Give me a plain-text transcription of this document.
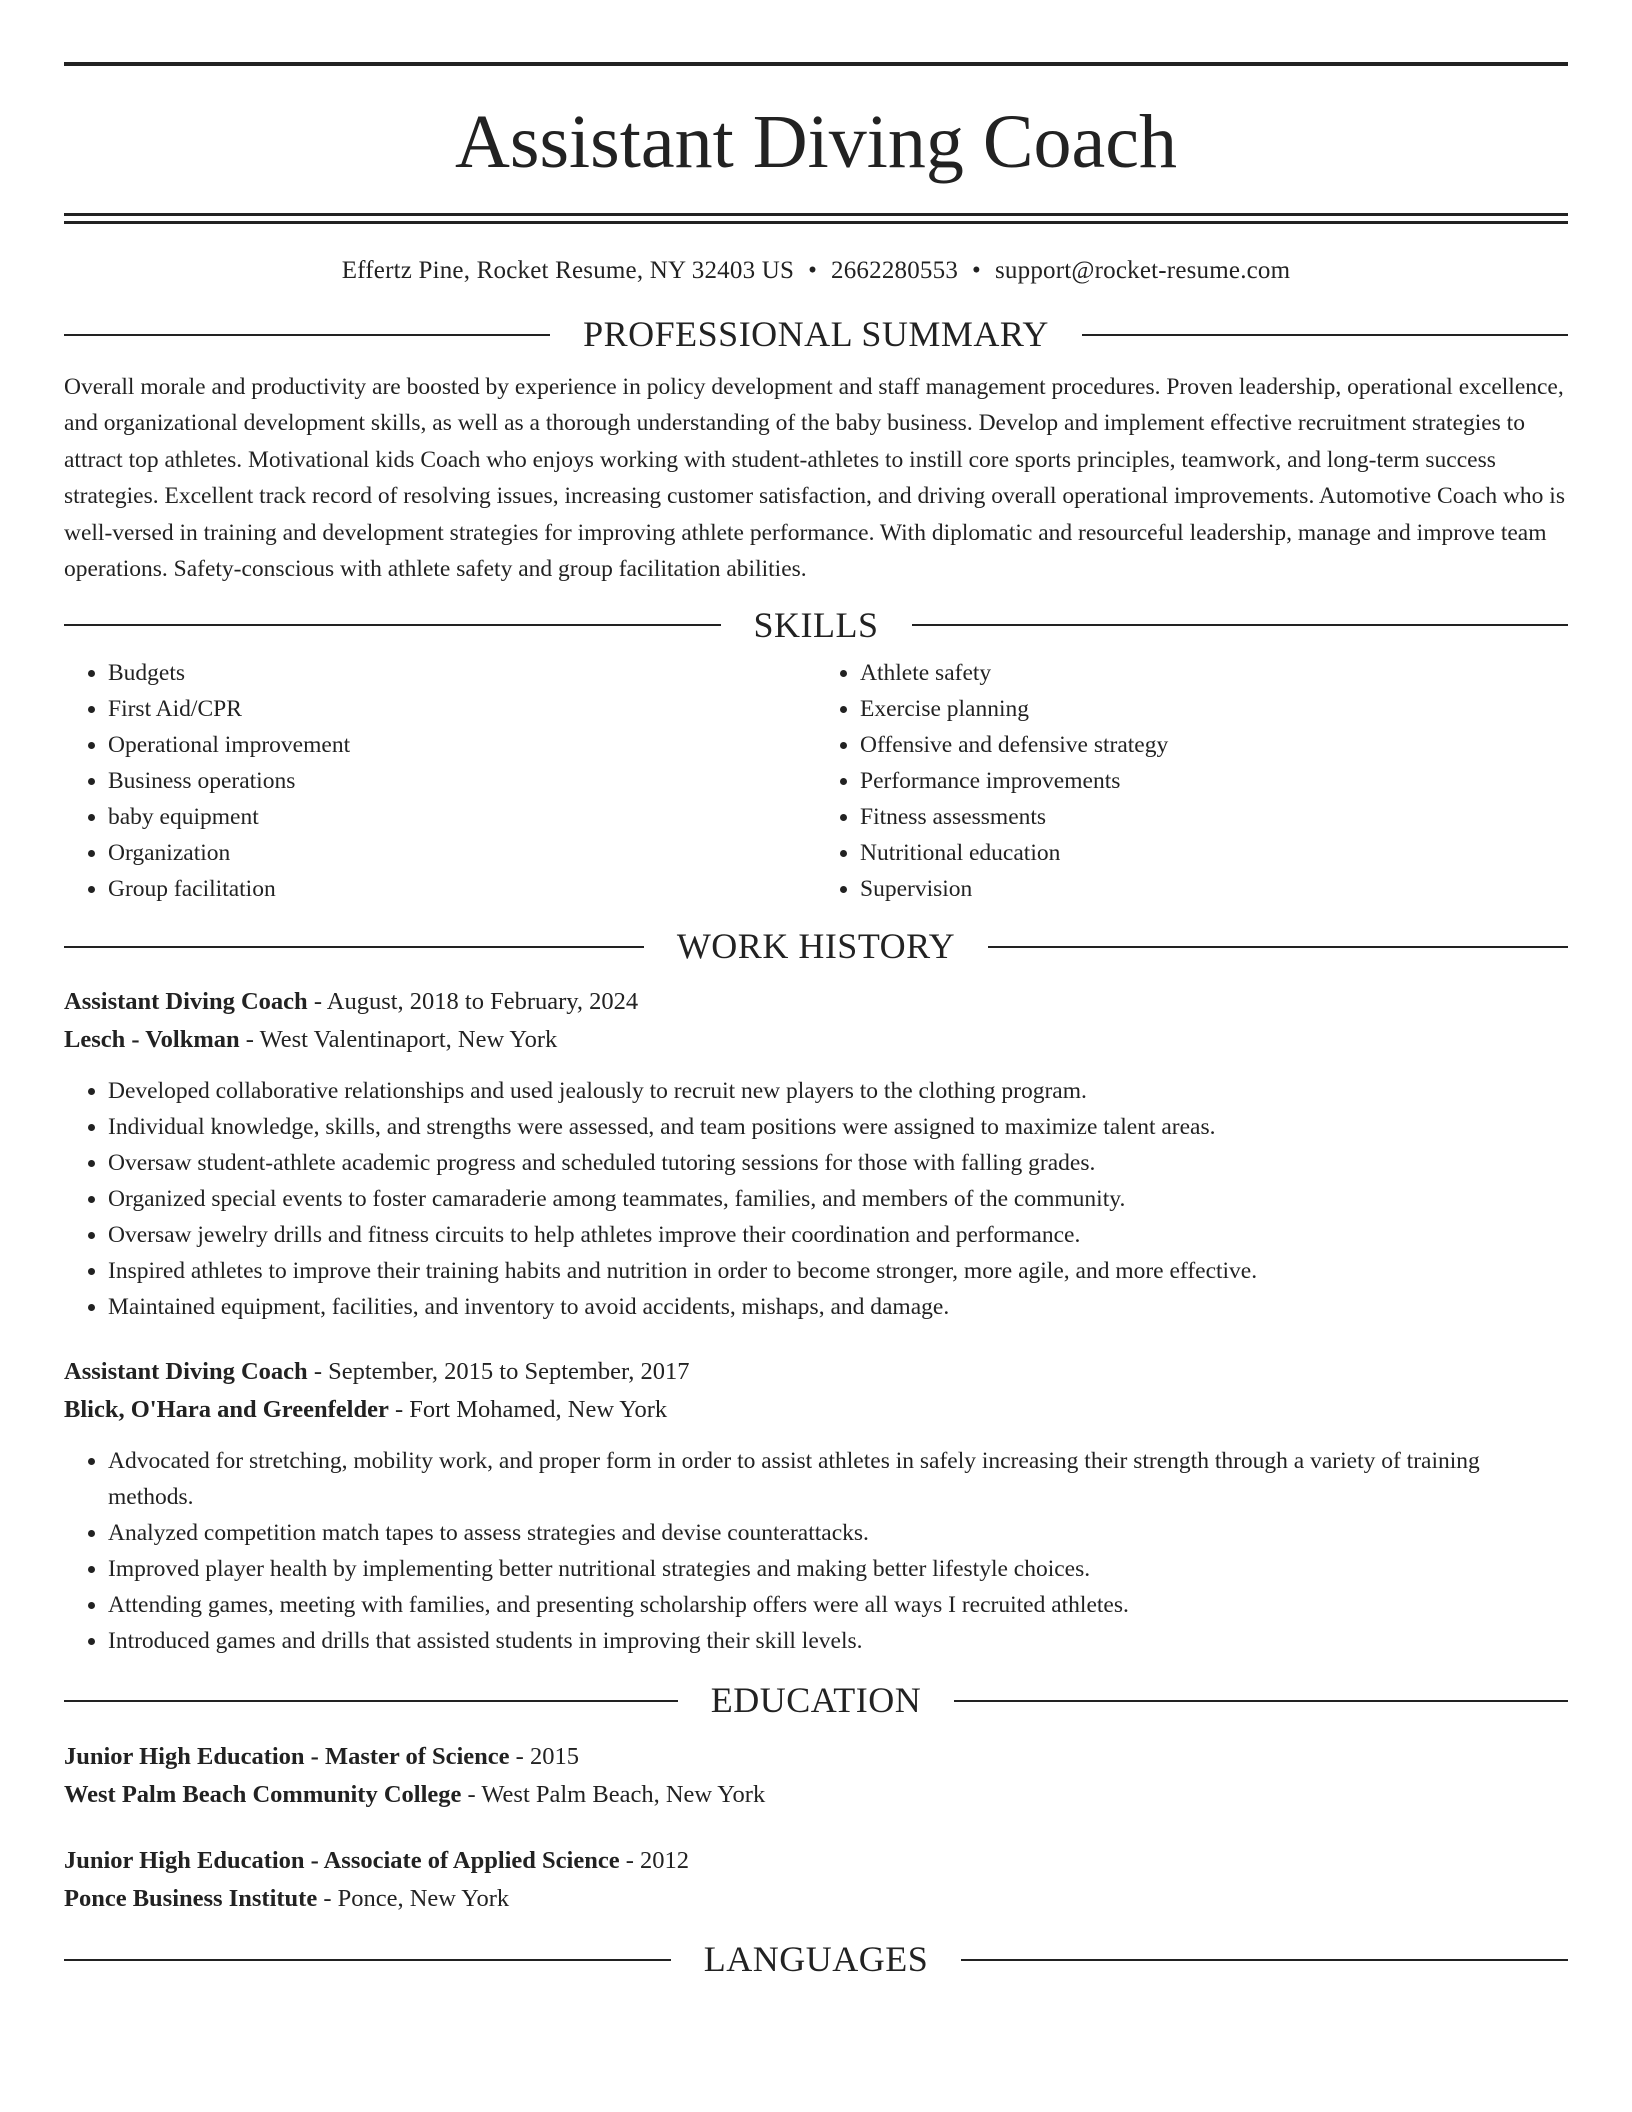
Assistant Diving Coach
Effertz Pine, Rocket Resume, NY 32403 US • 2662280553 • support@rocket-resume.com
PROFESSIONAL SUMMARY

Overall morale and productivity are boosted by experience in policy development and staff management procedures. Proven leadership, operational excellence, and organizational development skills, as well as a thorough understanding of the baby business. Develop and implement effective recruitment strategies to attract top athletes. Motivational kids Coach who enjoys working with student-athletes to instill core sports principles, teamwork, and long-term success strategies. Excellent track record of resolving issues, increasing customer satisfaction, and driving overall operational improvements. Automotive Coach who is well-versed in training and development strategies for improving athlete performance. With diplomatic and resourceful leadership, manage and improve team operations. Safety-conscious with athlete safety and group facilitation abilities.

SKILLS
• Budgets
• First Aid/CPR
• Operational improvement
• Business operations
• baby equipment
• Organization
• Group facilitation
• Athlete safety
• Exercise planning
• Offensive and defensive strategy
• Performance improvements
• Fitness assessments
• Nutritional education
• Supervision
WORK HISTORY
Assistant Diving Coach - August, 2018 to February, 2024
Lesch - Volkman - West Valentinaport, New York
• Developed collaborative relationships and used jealously to recruit new players to the clothing program.
• Individual knowledge, skills, and strengths were assessed, and team positions were assigned to maximize talent areas.
• Oversaw student-athlete academic progress and scheduled tutoring sessions for those with falling grades.
• Organized special events to foster camaraderie among teammates, families, and members of the community.
• Oversaw jewelry drills and fitness circuits to help athletes improve their coordination and performance.
• Inspired athletes to improve their training habits and nutrition in order to become stronger, more agile, and more effective.
• Maintained equipment, facilities, and inventory to avoid accidents, mishaps, and damage.
Assistant Diving Coach - September, 2015 to September, 2017
Blick, O'Hara and Greenfelder - Fort Mohamed, New York
• Advocated for stretching, mobility work, and proper form in order to assist athletes in safely increasing their strength through a variety of training methods.
• Analyzed competition match tapes to assess strategies and devise counterattacks.
• Improved player health by implementing better nutritional strategies and making better lifestyle choices.
• Attending games, meeting with families, and presenting scholarship offers were all ways I recruited athletes.
• Introduced games and drills that assisted students in improving their skill levels.
EDUCATION
Junior High Education - Master of Science - 2015
West Palm Beach Community College - West Palm Beach, New York
Junior High Education - Associate of Applied Science - 2012
Ponce Business Institute - Ponce, New York
LANGUAGES
